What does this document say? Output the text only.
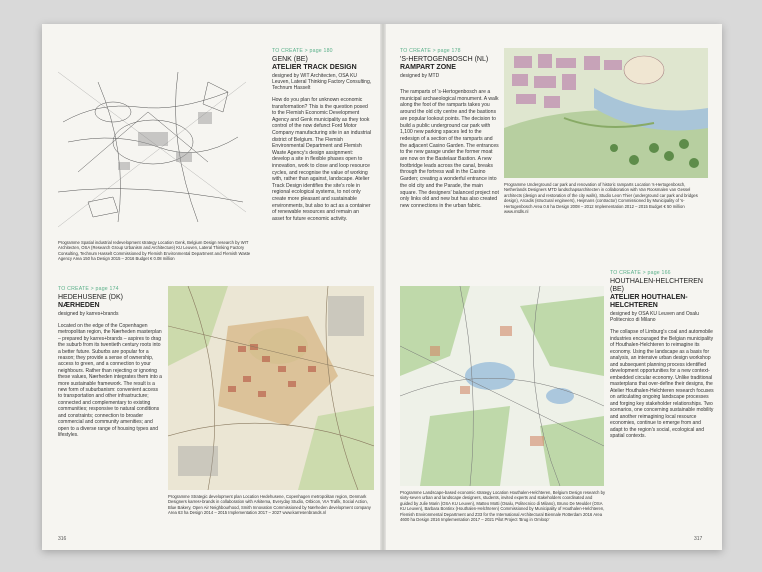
Programme Spatial industrial redevelopment strategy Location Genk, Belgium Design research by WIT Architecten, OSA (Research Group Urbanism and Architecture) KU Leuven, Lateral Thinking Factory Consulting, Technum Hasselt Commissioned by Flemish Environmental Department and Flemish Waste Agency Area 150 ha Design 2015 – 2016 Budget € 0.08 million
TO CREATE > page 180
GENK (BE)
ATELIER TRACK DESIGN
designed by WIT Architecten, OSA KU Leuven, Lateral Thinking Factory Consulting, Technum Hasselt
How do you plan for unknown economic transformation? This is the question posed to the Flemish Economic Development Agency and Genk municipality as they took control of the now defunct Ford Motor Company manufacturing site in an industrial district of Belgium. The Flemish Environmental Department and Flemish Waste Agency's design assignment: develop a site in flexible phases open to innovation, work to close and loop resource cycles, and recognise the value of working with, rather than against, landscape. Atelier Track Design identifies the site's role in regional ecological systems, to not only create more pleasant and sustainable environments, but also to act as a container of renewable resources and remain an asset for future economic activity.
TO CREATE > page 174
HEDEHUSENE (DK)
NÆRHEDEN
designed by karres+brands
Located on the edge of the Copenhagen metropolitan region, the Nærheden masterplan – prepared by karres+brands – aspires to drag the suburb from its twentieth century roots into a better future. Suburbs are popular for a reason; they provide a sense of ownership, access to green, and a connection to your neighbours. Rather than rejecting or ignoring these values, Nærheden integrates them into a more sustainable framework. The result is a new form of suburbanism: convenient access to transportation and other infrastructure; connected and complementary to existing communities; responsive to natural conditions and constraints; connection to broader commercial and community amenities; and open to a diverse range of housing types and lifestyles.
Programme Strategic development plan Location Hedehusene, Copenhagen metropolitan region, Denmark Designers karres+brands in collaboration with Arkitema, Everyday Studio, Orbicon, VIA Trafik, Social Action, Blue Bakery, Open Air Neighbourhood, Smith Innovation Commissioned by Nærheden development company Area 63 ha Design 2014 – 2015 Implementation 2017 – 2027 www.karresenbrands.nl
316
TO CREATE > page 178
'S-HERTOGENBOSCH (NL)
RAMPART ZONE
designed by MTD
The ramparts of 's-Hertogenbosch are a municipal archaeological monument. A walk along the foot of the ramparts takes you around the old city centre and the bastions are popular lookout points. The decision to build a public underground car park with 1,100 new parking spaces led to the redesign of a section of the ramparts and the adjacent Casino Garden. The entrances to the new garage under the former moat are now on the Bastelaar Bastion. A new footbridge leads across the canal, breaks through the fortress wall in the Casino Garden; creating a wonderful entrance into the old city and the Parade, the main square. The designers' balanced project not only links old and new but has also created new connections in the urban fabric.
Programme Underground car park and renovation of historic ramparts Location 's-Hertogenbosch, Netherlands Designers MTD landschapsarchitecten in collaboration with Van Roosmalen van Gessel architects (design and restoration of the city walls), Studio Leon Thier (underground car park and bridges design), Arcadis (structural engineers), Heijmans (contractor) Commissioned by Municipality of 's-Hertogenbosch Area 0.6 ha Design 2008 – 2012 Implementation 2012 – 2015 Budget € 50 million www.mtdls.nl
Programme Landscape-based economic strategy Location Houthalen-Helchteren, Belgium Design research by sixty-seven urban and landscape designers, students, invited experts and stakeholders coordinated and guided by Julie Marin (OSA KU Leuven), Matteo Motti (Osalu, Politecnico di Milano), Bruno De Meulder (OSA KU Leuven), Barbara Bontinx (Houthalen-Helchteren) Commissioned by Municipality of Houthalen-Helchteren, Flemish Environmental Department and Z33 for the International Architectural Biennale Rotterdam 2016 Area 4600 ha Design 2016 Implementation 2017 – 2021 Pilot Project 'Brug in Omloop'
TO CREATE > page 166
HOUTHALEN-HELCHTEREN (BE)
ATELIER HOUTHALEN-HELCHTEREN
designed by OSA KU Leuven and Osalu Politecnico di Milano
The collapse of Limburg's coal and automobile industries encouraged the Belgian municipality of Houthalen-Helchteren to reimagine its economy. Using the landscape as a basis for analysis, an intensive urban design workshop and subsequent planning process identified development opportunities for a new context-embedded circular economy. Unlike traditional masterplans that over-define their designs, the Atelier Houthalen-Helchteren research focuses on articulating ongoing landscape processes and forging key stakeholder relationships. Two scenarios, one concerning sustainable mobility and another reimagining local resource economies, continue to emerge from and adapt to the region's social, ecological and spatial contexts.
317
